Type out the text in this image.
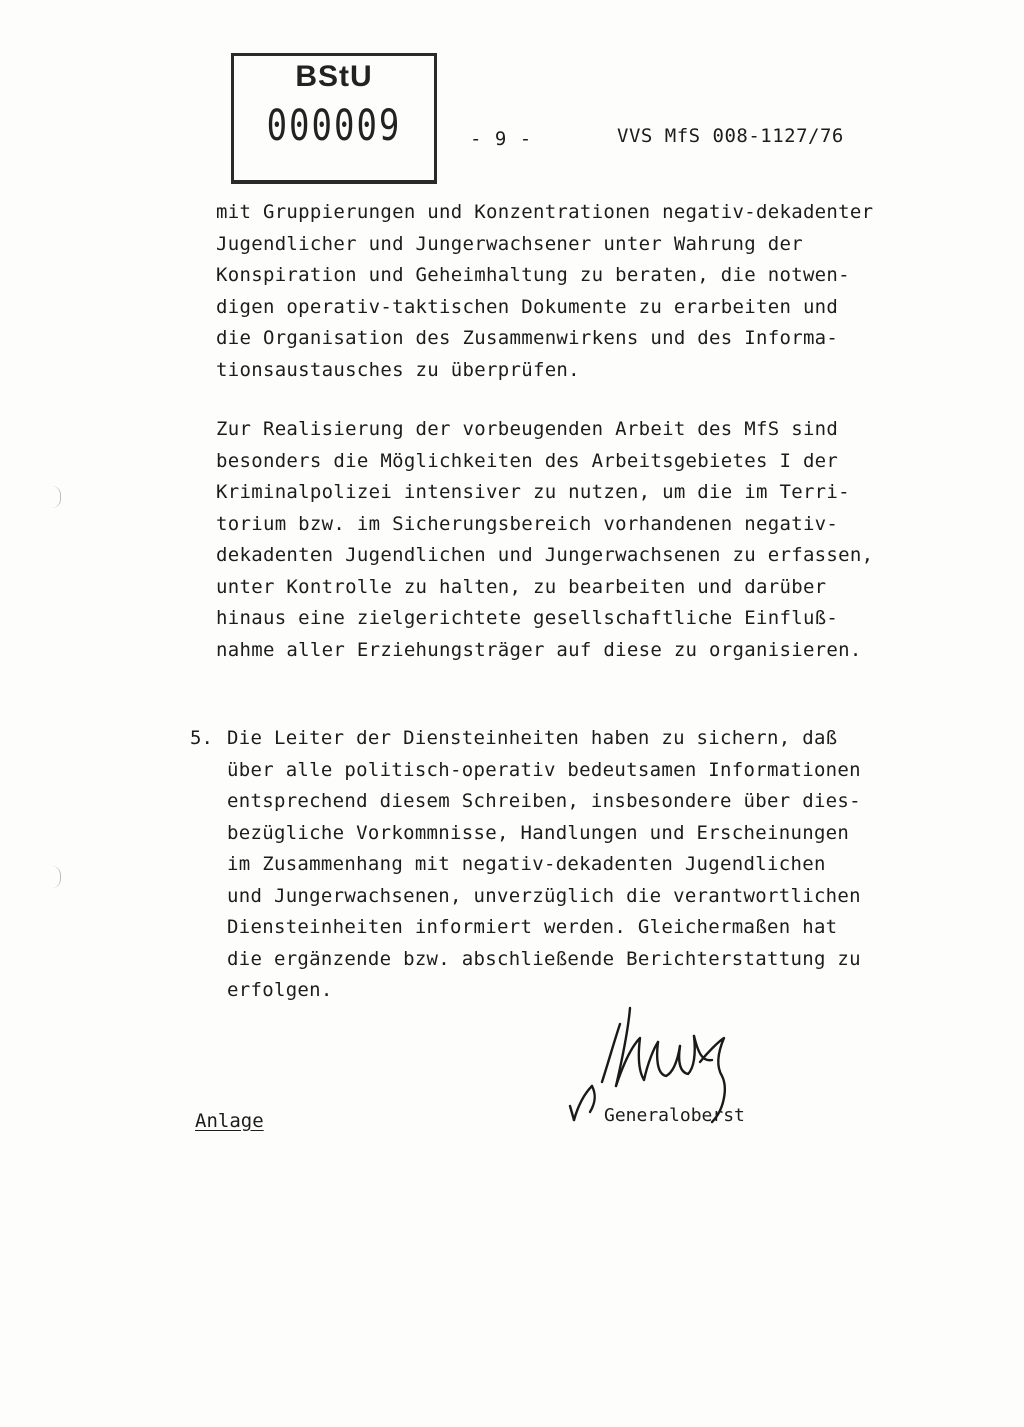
BStU
000009	- 9 -	VVS MfS 008-1127/76

mit Gruppierungen und Konzentrationen negativ-dekadenter
Jugendlicher und Jungerwachsener unter Wahrung der
Konspiration und Geheimhaltung zu beraten, die notwen-
digen operativ-taktischen Dokumente zu erarbeiten und
die Organisation des Zusammenwirkens und des Informa-
tionsaustausches zu überprüfen.

Zur Realisierung der vorbeugenden Arbeit des MfS sind
besonders die Möglichkeiten des Arbeitsgebietes I der
Kriminalpolizei intensiver zu nutzen, um die im Terri-
torium bzw. im Sicherungsbereich vorhandenen negativ-
dekadenten Jugendlichen und Jungerwachsenen zu erfassen,
unter Kontrolle zu halten, zu bearbeiten und darüber
hinaus eine zielgerichtete gesellschaftliche Einfluß-
nahme aller Erziehungsträger auf diese zu organisieren.

5. Die Leiter der Diensteinheiten haben zu sichern, daß
über alle politisch-operativ bedeutsamen Informationen
entsprechend diesem Schreiben, insbesondere über dies-
bezügliche Vorkommnisse, Handlungen und Erscheinungen
im Zusammenhang mit negativ-dekadenten Jugendlichen
und Jungerwachsenen, unverzüglich die verantwortlichen
Diensteinheiten informiert werden. Gleichermaßen hat
die ergänzende bzw. abschließende Berichterstattung zu
erfolgen.

Generaloberst
Anlage
